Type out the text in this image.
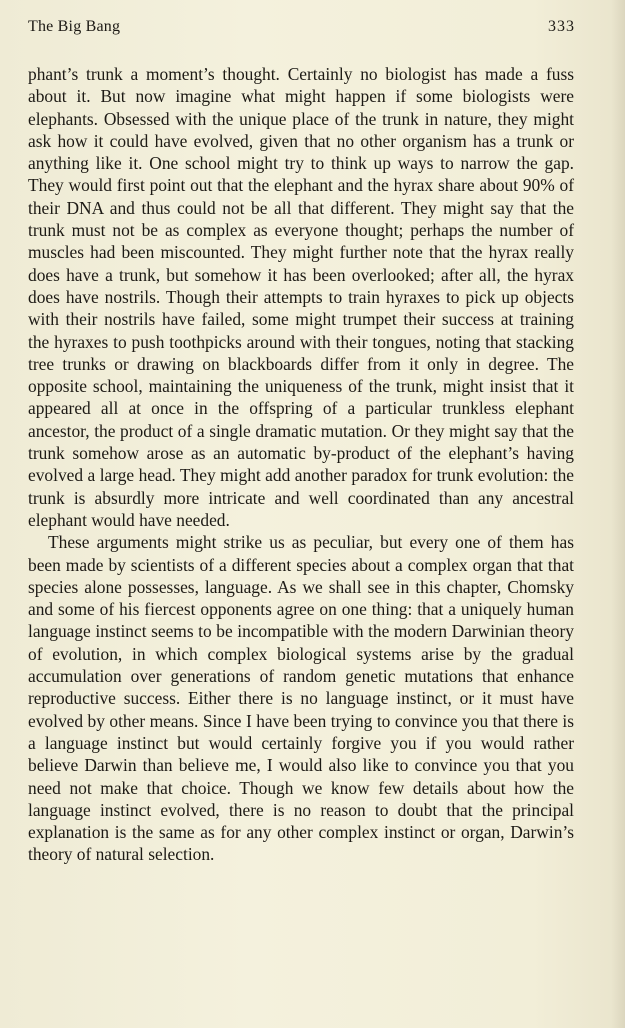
The Big Bang	333

phant’s trunk a moment’s thought. Certainly no biologist has made a fuss about it. But now imagine what might happen if some biologists were elephants. Obsessed with the unique place of the trunk in nature, they might ask how it could have evolved, given that no other organism has a trunk or anything like it. One school might try to think up ways to narrow the gap. They would first point out that the elephant and the hyrax share about 90% of their DNA and thus could not be all that different. They might say that the trunk must not be as complex as everyone thought; perhaps the number of muscles had been miscounted. They might further note that the hyrax really does have a trunk, but somehow it has been overlooked; after all, the hyrax does have nostrils. Though their attempts to train hyraxes to pick up objects with their nostrils have failed, some might trumpet their success at training the hyraxes to push toothpicks around with their tongues, noting that stacking tree trunks or drawing on blackboards differ from it only in degree. The opposite school, maintaining the uniqueness of the trunk, might insist that it appeared all at once in the offspring of a particular trunkless elephant ancestor, the product of a single dramatic mutation. Or they might say that the trunk somehow arose as an automatic by-product of the elephant’s having evolved a large head. They might add another paradox for trunk evolution: the trunk is absurdly more intricate and well coordinated than any ancestral elephant would have needed.

These arguments might strike us as peculiar, but every one of them has been made by scientists of a different species about a complex organ that that species alone possesses, language. As we shall see in this chapter, Chomsky and some of his fiercest opponents agree on one thing: that a uniquely human language instinct seems to be incompatible with the modern Darwinian theory of evolution, in which complex biological systems arise by the gradual accumulation over generations of random genetic mutations that enhance reproductive success. Either there is no language instinct, or it must have evolved by other means. Since I have been trying to convince you that there is a language instinct but would certainly forgive you if you would rather believe Darwin than believe me, I would also like to convince you that you need not make that choice. Though we know few details about how the language instinct evolved, there is no reason to doubt that the principal explanation is the same as for any other complex instinct or organ, Darwin’s theory of natural selection.
